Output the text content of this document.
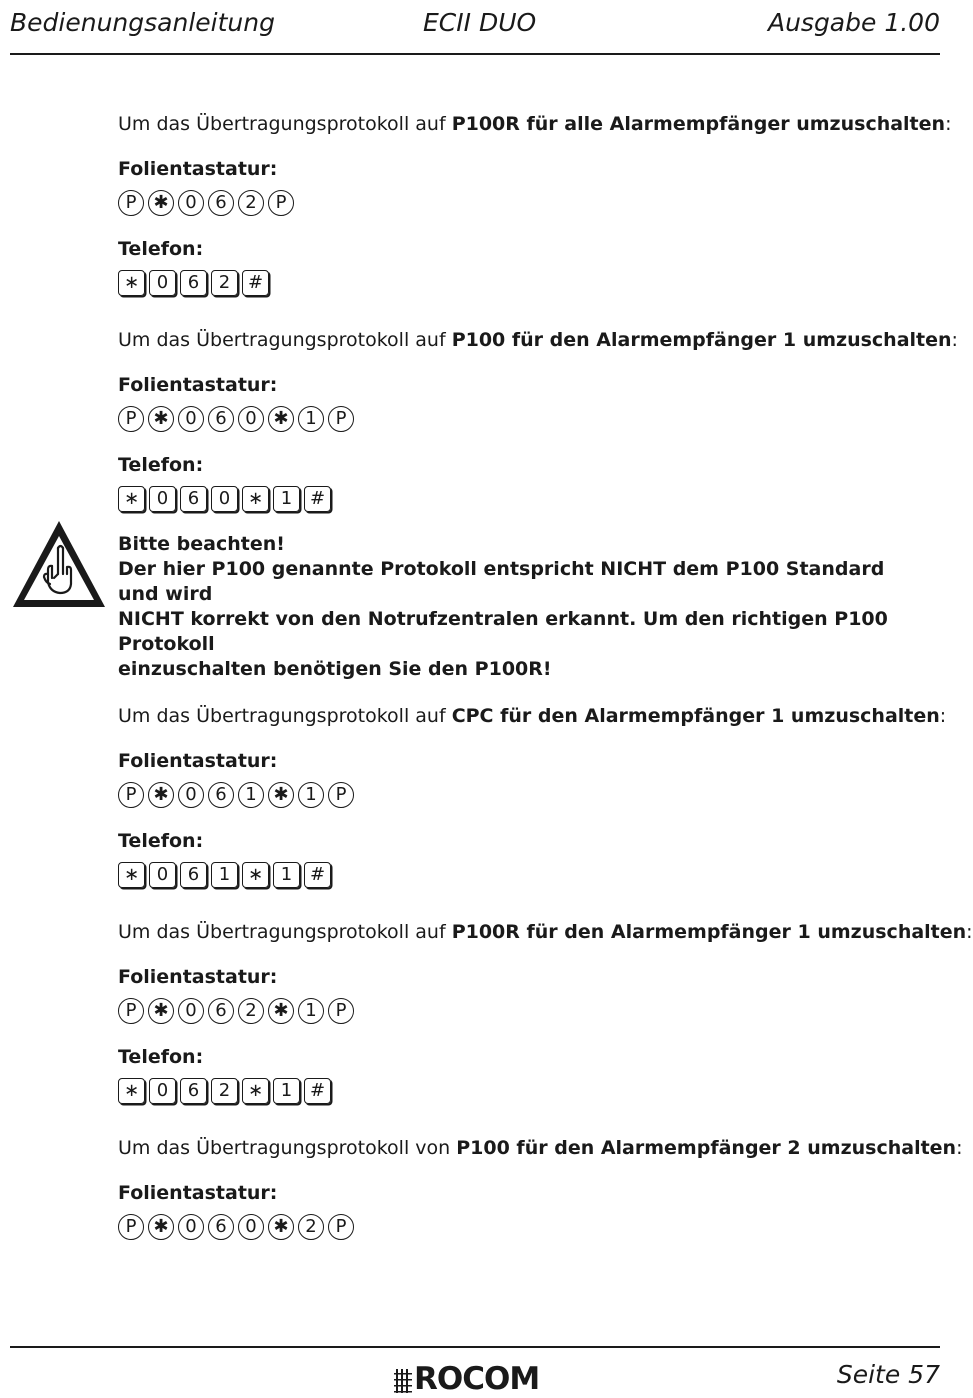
Bedienungsanleitung	ECII DUO	Ausgabe 1.00

Um das Übertragungsprotokoll auf P100R für alle Alarmempfänger umzuschalten:

Folientastatur:

P ✱ 0	6	2	P

Telefon:

∗ 0	6	2 #

Um das Übertragungsprotokoll auf P100 für den Alarmempfänger 1 umzuschalten:

Folientastatur:

P ✱ 0	6	0 ✱ 1	P

Telefon:

∗ 0	6	0 ∗ 1 #
Bitte beachten!
Der hier P100 genannte Protokoll entspricht NICHT dem P100 Standard und wird
NICHT korrekt von den Notrufzentralen erkannt. Um den richtigen P100 Protokoll
einzuschalten benötigen Sie den P100R!

Um das Übertragungsprotokoll auf CPC für den Alarmempfänger 1 umzuschalten:

Folientastatur:

P ✱ 0	6	1 ✱ 1	P

Telefon:

∗ 0	6	1 ∗ 1 #

Um das Übertragungsprotokoll auf P100R für den Alarmempfänger 1 umzuschalten:

Folientastatur:

P ✱ 0	6	2 ✱ 1	P

Telefon:

∗ 0	6	2 ∗ 1 #

Um das Übertragungsprotokoll von P100 für den Alarmempfänger 2 umzuschalten:

Folientastatur:

P ✱ 0	6	0 ✱ 2	P
ROCOM	Seite 57
